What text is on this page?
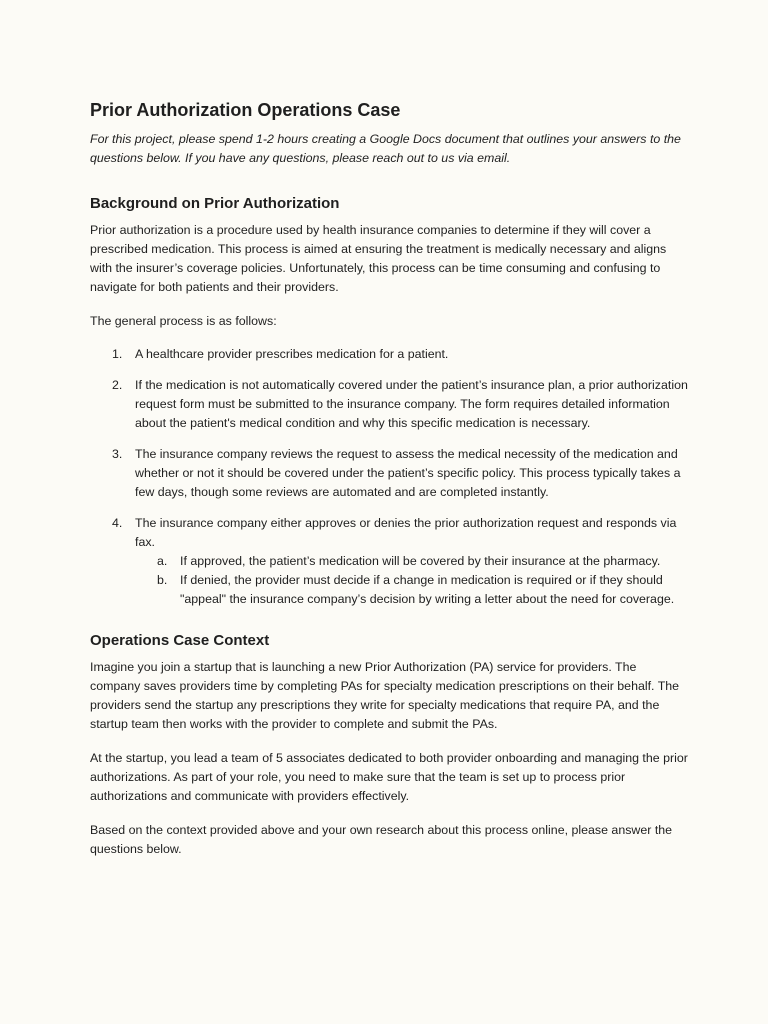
Prior Authorization Operations Case

For this project, please spend 1-2 hours creating a Google Docs document that outlines your answers to the questions below. If you have any questions, please reach out to us via email.

Background on Prior Authorization

Prior authorization is a procedure used by health insurance companies to determine if they will cover a prescribed medication. This process is aimed at ensuring the treatment is medically necessary and aligns with the insurer’s coverage policies. Unfortunately, this process can be time consuming and confusing to navigate for both patients and their providers.

The general process is as follows:

1. A healthcare provider prescribes medication for a patient.
2. If the medication is not automatically covered under the patient’s insurance plan, a prior authorization request form must be submitted to the insurance company. The form requires detailed information about the patient's medical condition and why this specific medication is necessary.
3. The insurance company reviews the request to assess the medical necessity of the medication and whether or not it should be covered under the patient’s specific policy. This process typically takes a few days, though some reviews are automated and are completed instantly.
4. The insurance company either approves or denies the prior authorization request and responds via fax.
a. If approved, the patient’s medication will be covered by their insurance at the pharmacy.
b. If denied, the provider must decide if a change in medication is required or if they should "appeal" the insurance company’s decision by writing a letter about the need for coverage.
Operations Case Context

Imagine you join a startup that is launching a new Prior Authorization (PA) service for providers. The company saves providers time by completing PAs for specialty medication prescriptions on their behalf. The providers send the startup any prescriptions they write for specialty medications that require PA, and the startup team then works with the provider to complete and submit the PAs.

At the startup, you lead a team of 5 associates dedicated to both provider onboarding and managing the prior authorizations. As part of your role, you need to make sure that the team is set up to process prior authorizations and communicate with providers effectively.

Based on the context provided above and your own research about this process online, please answer the questions below.
